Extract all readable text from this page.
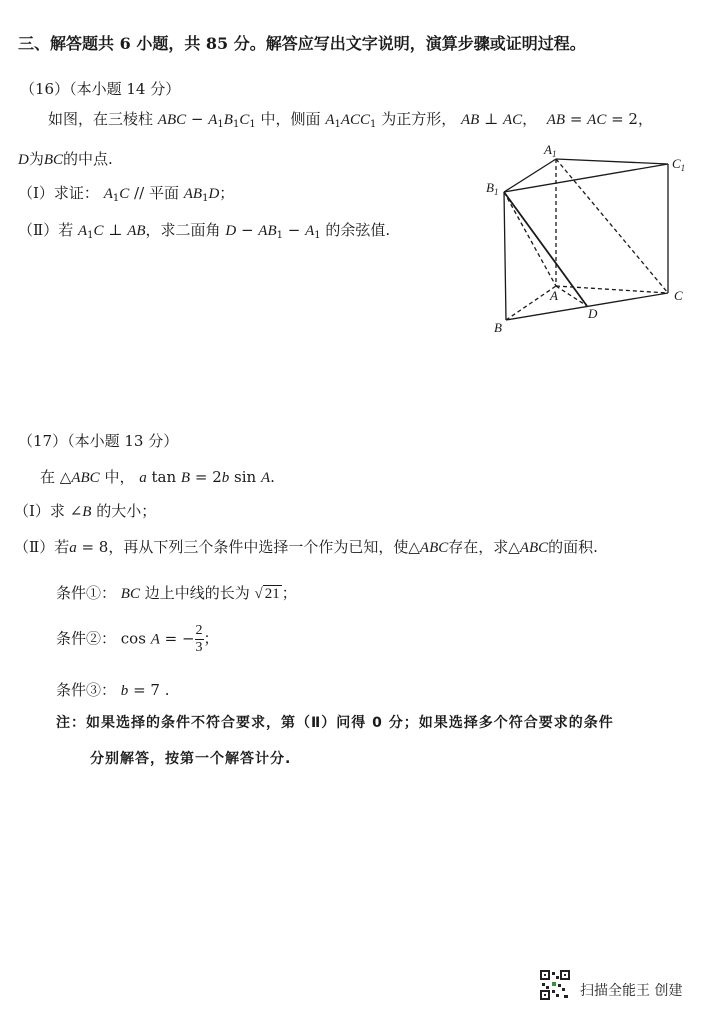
三、解答题共 6 小题，共 85 分。解答应写出文字说明，演算步骤或证明过程。
（16）（本小题 14 分）
如图，在三棱柱 ABC − $A_1B_1C_1$ 中，侧面 $A_1ACC_1$ 为正方形， AB ⊥ AC， AB = AC = 2，
D为BC的中点.
（Ⅰ）求证： $A_1C$ // 平面 $AB_1D$；
（Ⅱ）若 $A_1C$ ⊥ AB，求二面角 $D - AB_1 - A_1$ 的余弦值.
$A_1$
$C_1$
$B_1$
A	C
B
D
（17）（本小题 13 分）
在 △ABC 中， a tan B = 2b sin A.
（Ⅰ）求 ∠B 的大小；
（Ⅱ）若a = 8，再从下列三个条件中选择一个作为已知，使△ABC存在，求△ABC的面积.
条件①： BC 边上中线的长为 √ 21 ；
条件②： cos A = − $\frac{2}{3}$ ；
条件③： b = 7 .
注：如果选择的条件不符合要求，第（Ⅱ）问得 0 分；如果选择多个符合要求的条件
分别解答，按第一个解答计分.
扫描全能王 创建
